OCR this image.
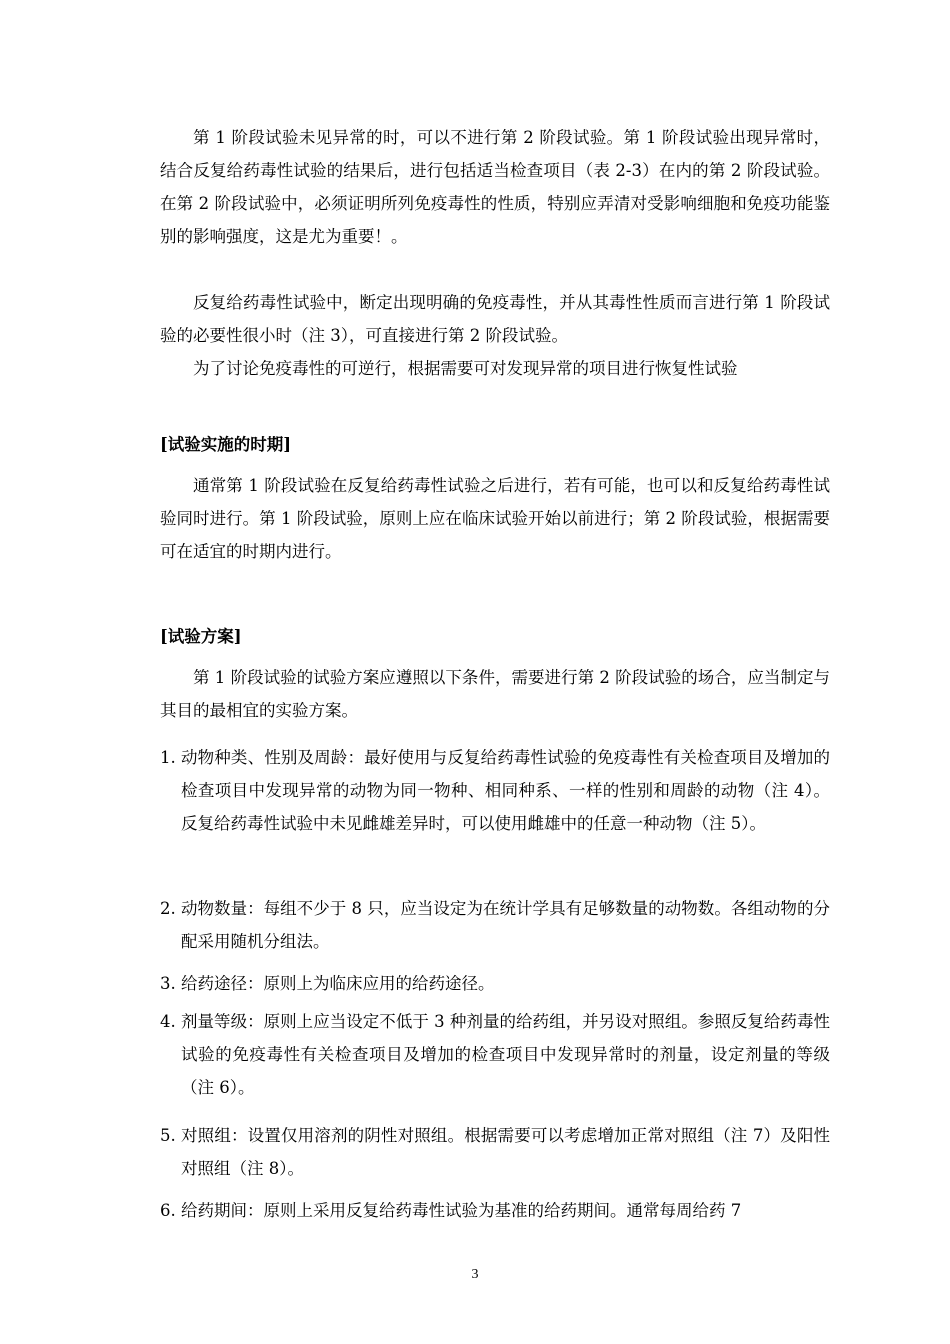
第 1 阶段试验未见异常的时，可以不进行第 2 阶段试验。第 1 阶段试验出现异常时，结合反复给药毒性试验的结果后，进行包括适当检查项目（表 2-3）在内的第 2 阶段试验。在第 2 阶段试验中，必须证明所列免疫毒性的性质，特别应弄清对受影响细胞和免疫功能鉴别的影响强度，这是尤为重要！。

反复给药毒性试验中，断定出现明确的免疫毒性，并从其毒性性质而言进行第 1 阶段试验的必要性很小时（注 3），可直接进行第 2 阶段试验。

为了讨论免疫毒性的可逆行，根据需要可对发现异常的项目进行恢复性试验

[试验实施的时期]

通常第 1 阶段试验在反复给药毒性试验之后进行，若有可能，也可以和反复给药毒性试验同时进行。第 1 阶段试验，原则上应在临床试验开始以前进行；第 2 阶段试验，根据需要可在适宜的时期内进行。

[试验方案]

第 1 阶段试验的试验方案应遵照以下条件，需要进行第 2 阶段试验的场合，应当制定与其目的最相宜的实验方案。

1. 动物种类、性别及周龄：最好使用与反复给药毒性试验的免疫毒性有关检查项目及增加的检查项目中发现异常的动物为同一物种、相同种系、一样的性别和周龄的动物（注 4）。反复给药毒性试验中未见雌雄差异时，可以使用雌雄中的任意一种动物（注 5）。
2. 动物数量：每组不少于 8 只，应当设定为在统计学具有足够数量的动物数。各组动物的分配采用随机分组法。
3. 给药途径：原则上为临床应用的给药途径。
4. 剂量等级：原则上应当设定不低于 3 种剂量的给药组，并另设对照组。参照反复给药毒性试验的免疫毒性有关检查项目及增加的检查项目中发现异常时的剂量，设定剂量的等级（注 6）。
5. 对照组：设置仅用溶剂的阴性对照组。根据需要可以考虑增加正常对照组（注 7）及阳性对照组（注 8）。
6. 给药期间：原则上采用反复给药毒性试验为基准的给药期间。通常每周给药 7
3
